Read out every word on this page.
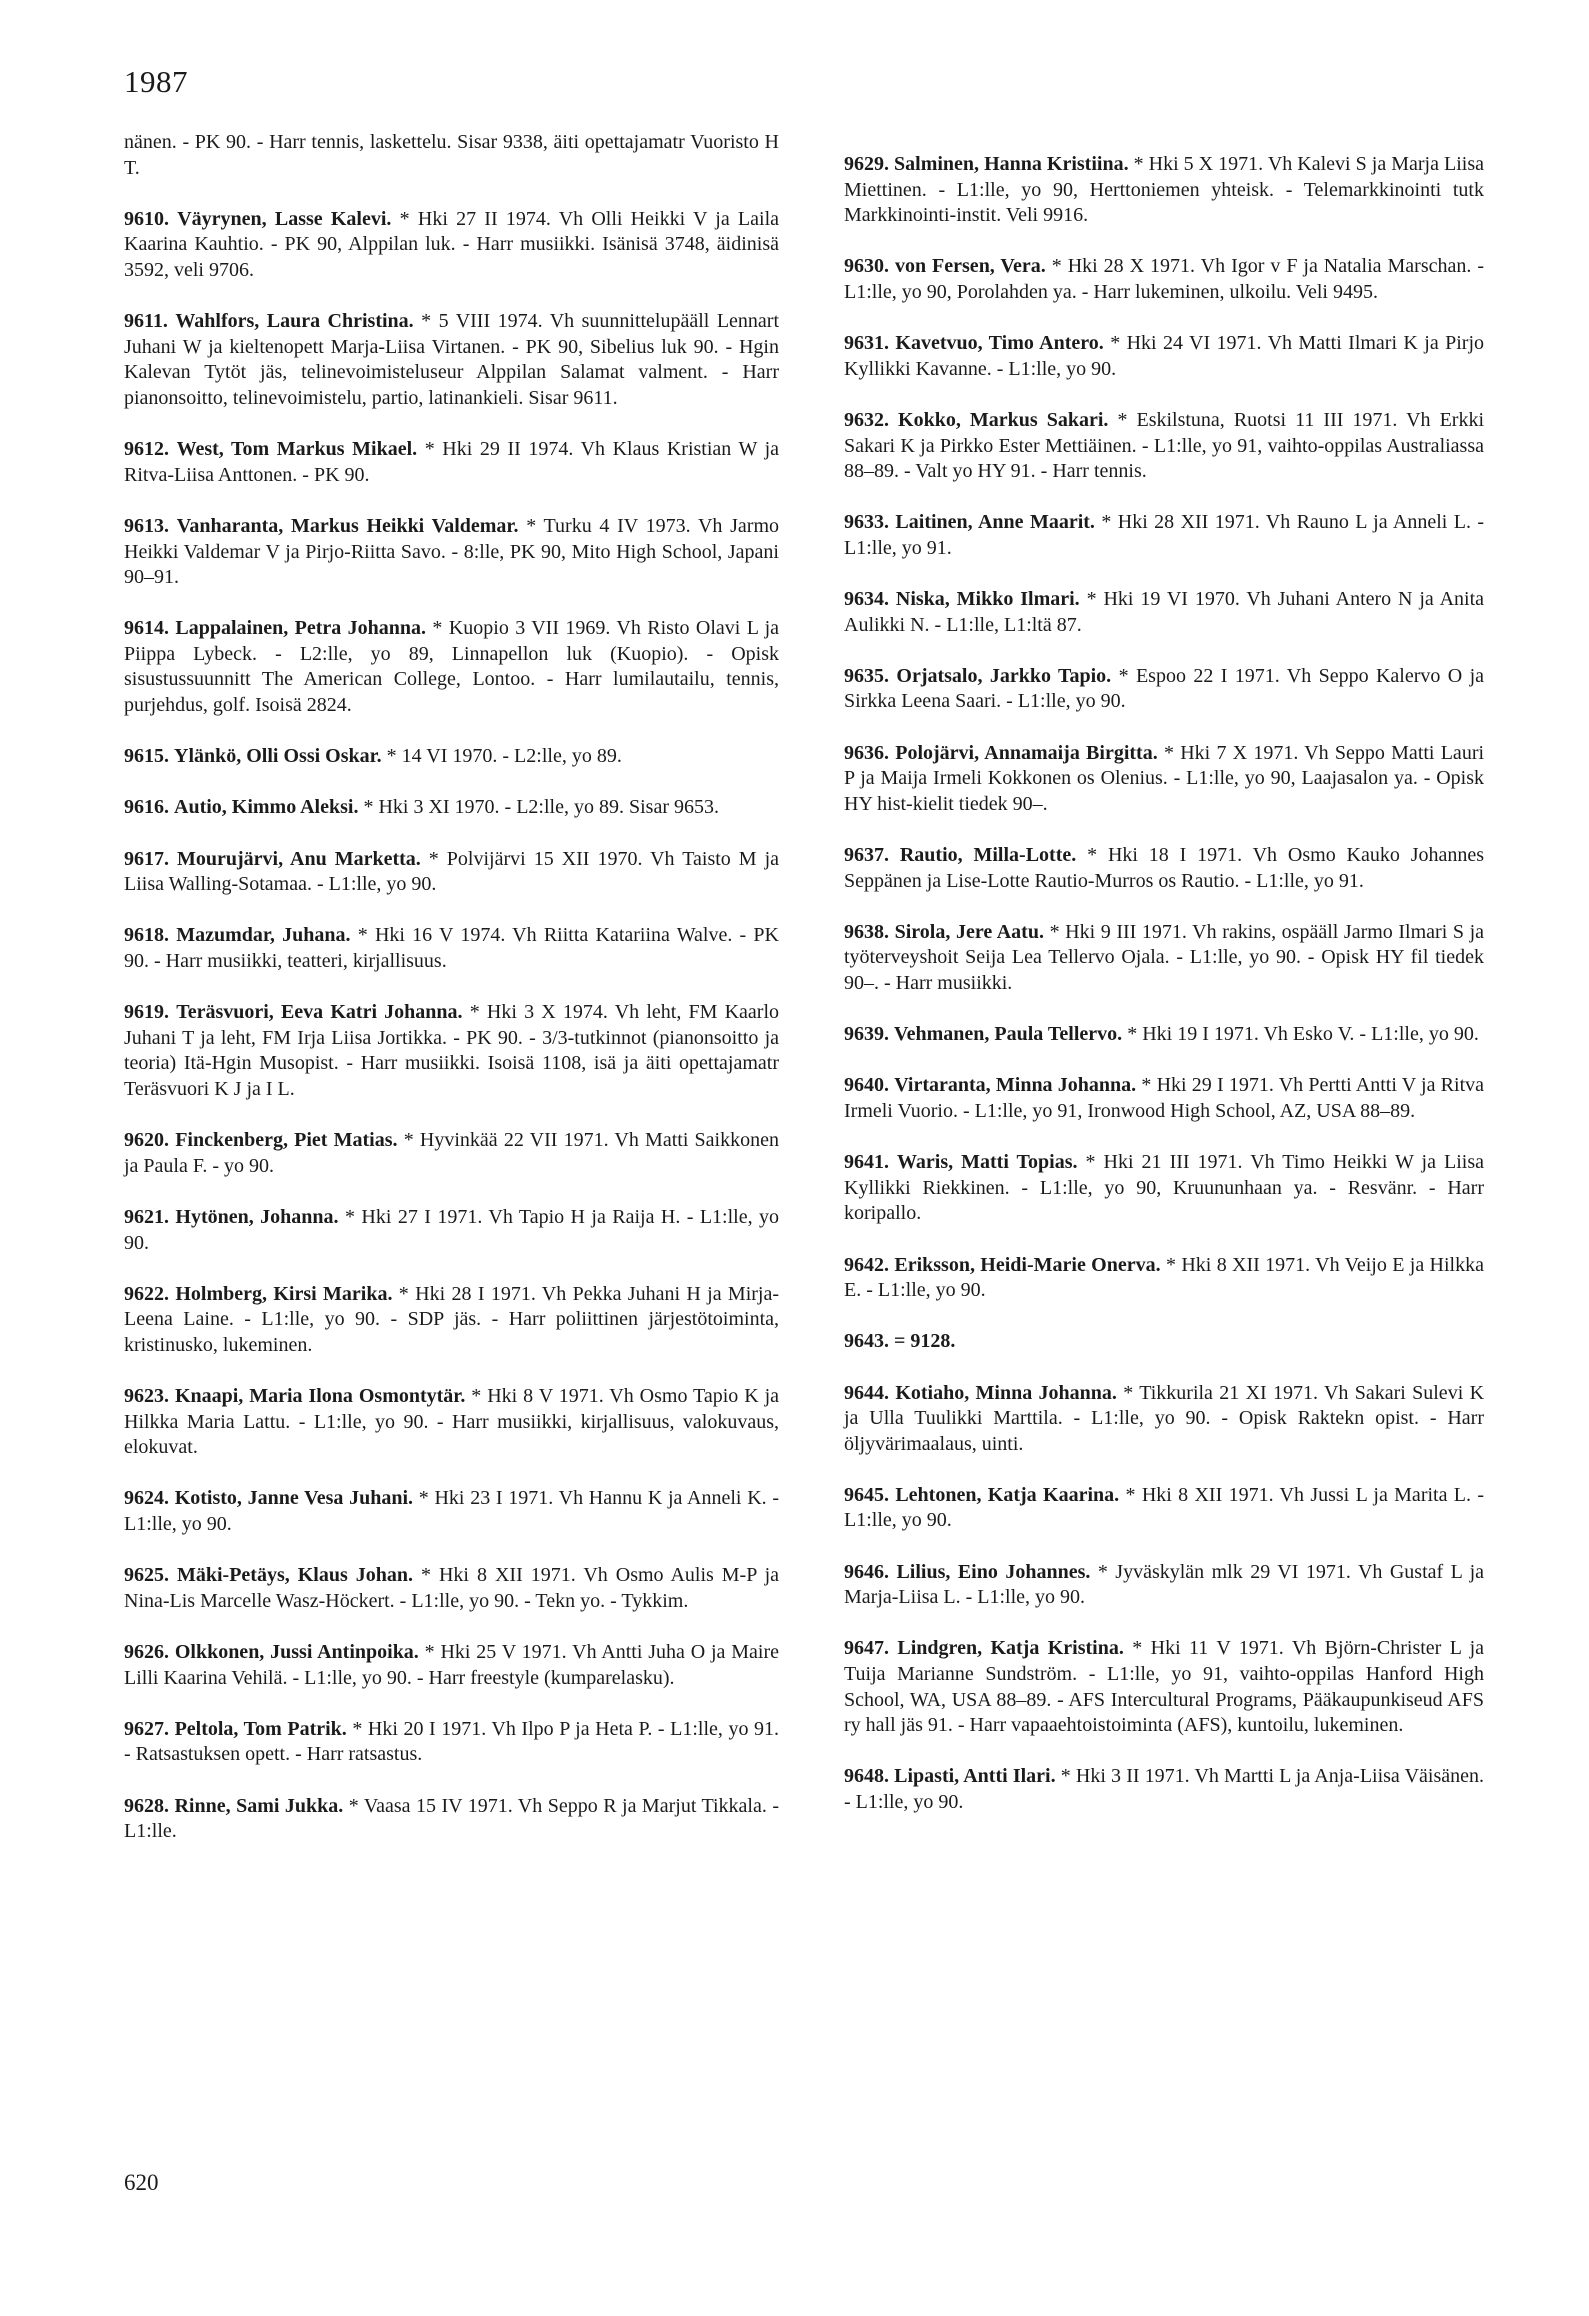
1987

nänen. - PK 90. - Harr tennis, laskettelu. Sisar 9338, äiti opettajamatr Vuoristo H T.

9610. Väyrynen, Lasse Kalevi. * Hki 27 II 1974. Vh Olli Heikki V ja Laila Kaarina Kauhtio. - PK 90, Alppilan luk. - Harr musiikki. Isänisä 3748, äidinisä 3592, veli 9706.

9611. Wahlfors, Laura Christina. * 5 VIII 1974. Vh suunnittelupääll Lennart Juhani W ja kieltenopett Marja-Liisa Virtanen. - PK 90, Sibelius luk 90. - Hgin Kalevan Tytöt jäs, telinevoimisteluseur Alppilan Salamat valment. - Harr pianonsoitto, telinevoimistelu, partio, latinankieli. Sisar 9611.

9612. West, Tom Markus Mikael. * Hki 29 II 1974. Vh Klaus Kristian W ja Ritva-Liisa Anttonen. - PK 90.

9613. Vanharanta, Markus Heikki Valdemar. * Turku 4 IV 1973. Vh Jarmo Heikki Valdemar V ja Pirjo-Riitta Savo. - 8:lle, PK 90, Mito High School, Japani 90–91.

9614. Lappalainen, Petra Johanna. * Kuopio 3 VII 1969. Vh Risto Olavi L ja Piippa Lybeck. - L2:lle, yo 89, Linnapellon luk (Kuopio). - Opisk sisustussuunnitt The American College, Lontoo. - Harr lumilautailu, tennis, purjehdus, golf. Isoisä 2824.

9615. Ylänkö, Olli Ossi Oskar. * 14 VI 1970. - L2:lle, yo 89.

9616. Autio, Kimmo Aleksi. * Hki 3 XI 1970. - L2:lle, yo 89. Sisar 9653.

9617. Mourujärvi, Anu Marketta. * Polvijärvi 15 XII 1970. Vh Taisto M ja Liisa Walling-Sotamaa. - L1:lle, yo 90.

9618. Mazumdar, Juhana. * Hki 16 V 1974. Vh Riitta Katariina Walve. - PK 90. - Harr musiikki, teatteri, kirjallisuus.

9619. Teräsvuori, Eeva Katri Johanna. * Hki 3 X 1974. Vh leht, FM Kaarlo Juhani T ja leht, FM Irja Liisa Jortikka. - PK 90. - 3/3-tutkinnot (pianonsoitto ja teoria) Itä-Hgin Musopist. - Harr musiikki. Isoisä 1108, isä ja äiti opettajamatr Teräsvuori K J ja I L.

9620. Finckenberg, Piet Matias. * Hyvinkää 22 VII 1971. Vh Matti Saikkonen ja Paula F. - yo 90.

9621. Hytönen, Johanna. * Hki 27 I 1971. Vh Tapio H ja Raija H. - L1:lle, yo 90.

9622. Holmberg, Kirsi Marika. * Hki 28 I 1971. Vh Pekka Juhani H ja Mirja-Leena Laine. - L1:lle, yo 90. - SDP jäs. - Harr poliittinen järjestötoiminta, kristinusko, lukeminen.

9623. Knaapi, Maria Ilona Osmontytär. * Hki 8 V 1971. Vh Osmo Tapio K ja Hilkka Maria Lattu. - L1:lle, yo 90. - Harr musiikki, kirjallisuus, valokuvaus, elokuvat.

9624. Kotisto, Janne Vesa Juhani. * Hki 23 I 1971. Vh Hannu K ja Anneli K. - L1:lle, yo 90.

9625. Mäki-Petäys, Klaus Johan. * Hki 8 XII 1971. Vh Osmo Aulis M-P ja Nina-Lis Marcelle Wasz-Höckert. - L1:lle, yo 90. - Tekn yo. - Tykkim.

9626. Olkkonen, Jussi Antinpoika. * Hki 25 V 1971. Vh Antti Juha O ja Maire Lilli Kaarina Vehilä. - L1:lle, yo 90. - Harr freestyle (kumparelasku).

9627. Peltola, Tom Patrik. * Hki 20 I 1971. Vh Ilpo P ja Heta P. - L1:lle, yo 91. - Ratsastuksen opett. - Harr ratsastus.

9628. Rinne, Sami Jukka. * Vaasa 15 IV 1971. Vh Seppo R ja Marjut Tikkala. - L1:lle.

9629. Salminen, Hanna Kristiina. * Hki 5 X 1971. Vh Kalevi S ja Marja Liisa Miettinen. - L1:lle, yo 90, Herttoniemen yhteisk. - Telemarkkinointi tutk Markkinointi-instit. Veli 9916.

9630. von Fersen, Vera. * Hki 28 X 1971. Vh Igor v F ja Natalia Marschan. - L1:lle, yo 90, Porolahden ya. - Harr lukeminen, ulkoilu. Veli 9495.

9631. Kavetvuo, Timo Antero. * Hki 24 VI 1971. Vh Matti Ilmari K ja Pirjo Kyllikki Kavanne. - L1:lle, yo 90.

9632. Kokko, Markus Sakari. * Eskilstuna, Ruotsi 11 III 1971. Vh Erkki Sakari K ja Pirkko Ester Mettiäinen. - L1:lle, yo 91, vaihto-oppilas Australiassa 88–89. - Valt yo HY 91. - Harr tennis.

9633. Laitinen, Anne Maarit. * Hki 28 XII 1971. Vh Rauno L ja Anneli L. - L1:lle, yo 91.

9634. Niska, Mikko Ilmari. * Hki 19 VI 1970. Vh Juhani Antero N ja Anita Aulikki N. - L1:lle, L1:ltä 87.

9635. Orjatsalo, Jarkko Tapio. * Espoo 22 I 1971. Vh Seppo Kalervo O ja Sirkka Leena Saari. - L1:lle, yo 90.

9636. Polojärvi, Annamaija Birgitta. * Hki 7 X 1971. Vh Seppo Matti Lauri P ja Maija Irmeli Kokkonen os Olenius. - L1:lle, yo 90, Laajasalon ya. - Opisk HY hist-kielit tiedek 90–.

9637. Rautio, Milla-Lotte. * Hki 18 I 1971. Vh Osmo Kauko Johannes Seppänen ja Lise-Lotte Rautio-Murros os Rautio. - L1:lle, yo 91.

9638. Sirola, Jere Aatu. * Hki 9 III 1971. Vh rakins, ospääll Jarmo Ilmari S ja työterveyshoit Seija Lea Tellervo Ojala. - L1:lle, yo 90. - Opisk HY fil tiedek 90–. - Harr musiikki.

9639. Vehmanen, Paula Tellervo. * Hki 19 I 1971. Vh Esko V. - L1:lle, yo 90.

9640. Virtaranta, Minna Johanna. * Hki 29 I 1971. Vh Pertti Antti V ja Ritva Irmeli Vuorio. - L1:lle, yo 91, Ironwood High School, AZ, USA 88–89.

9641. Waris, Matti Topias. * Hki 21 III 1971. Vh Timo Heikki W ja Liisa Kyllikki Riekkinen. - L1:lle, yo 90, Kruununhaan ya. - Resvänr. - Harr koripallo.

9642. Eriksson, Heidi-Marie Onerva. * Hki 8 XII 1971. Vh Veijo E ja Hilkka E. - L1:lle, yo 90.

9643. = 9128.

9644. Kotiaho, Minna Johanna. * Tikkurila 21 XI 1971. Vh Sakari Sulevi K ja Ulla Tuulikki Marttila. - L1:lle, yo 90. - Opisk Raktekn opist. - Harr öljyvärimaalaus, uinti.

9645. Lehtonen, Katja Kaarina. * Hki 8 XII 1971. Vh Jussi L ja Marita L. - L1:lle, yo 90.

9646. Lilius, Eino Johannes. * Jyväskylän mlk 29 VI 1971. Vh Gustaf L ja Marja-Liisa L. - L1:lle, yo 90.

9647. Lindgren, Katja Kristina. * Hki 11 V 1971. Vh Björn-Christer L ja Tuija Marianne Sundström. - L1:lle, yo 91, vaihto-oppilas Hanford High School, WA, USA 88–89. - AFS Intercultural Programs, Pääkaupunkiseud AFS ry hall jäs 91. - Harr vapaaehtoistoiminta (AFS), kuntoilu, lukeminen.

9648. Lipasti, Antti Ilari. * Hki 3 II 1971. Vh Martti L ja Anja-Liisa Väisänen. - L1:lle, yo 90.

620
